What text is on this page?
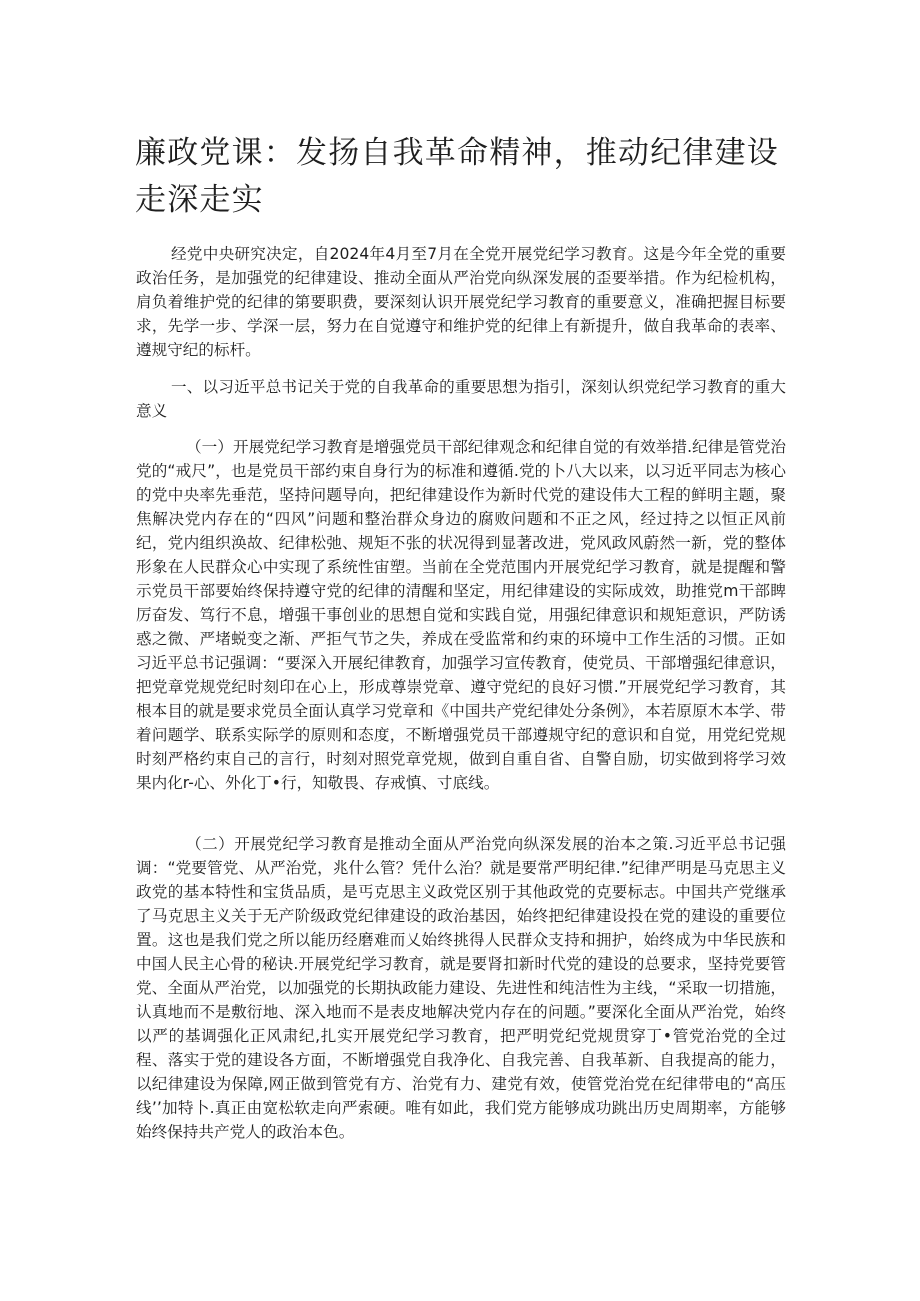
廉政党课：发扬自我革命精神，推动纪律建设走深走实

经党中央研究决定，自2024年4月至7月在全党开展党纪学习教育。这是今年全党的重要政治任务，是加强党的纪律建设、推动全面从严治党向纵深发展的歪要举措。作为纪检机构，肩负着维护党的纪律的第要职费，要深刻认识开展党纪学习教育的重要意义，准确把握目标要求，先学一步、学深一层，努力在自觉遵守和维护党的纪律上有新提升，做自我革命的表率、遵规守纪的标杆。

一、以习近平总书记关于党的自我革命的重要思想为指引，深刻认织党纪学习教育的重大意义

（一）开展党纪学习教育是增强党员干部纪律观念和纪律自觉的有效举措.纪律是管党治党的“戒尺”，也是党员干部约束自身行为的标准和遵循.党的卜八大以来，以习近平同志为核心的党中央率先垂范，坚持问题导向，把纪律建设作为新时代党的建设伟大工程的鲜明主题，聚焦解决党内存在的“四风”问题和整治群众身边的腐败问题和不正之风，经过持之以恒正风前纪，党内组织涣故、纪律松弛、规矩不张的状况得到显著改进，党风政风蔚然一新，党的整体形象在人民群众心中实现了系统性宙塑。当前在全党范围内开展党纪学习教育，就是提醒和警示党员干部要始终保持遵守党的纪律的清醒和坚定，用纪律建设的实际成效，助推党m干部睥厉奋发、笃行不息，增强干事创业的思想自觉和实践自觉，用强纪律意识和规矩意识，严防诱惑之微、严堵蜕变之渐、严拒气节之失，养成在受监常和约束的环境中工作生活的习惯。正如习近平总书记强调：“要深入开展纪律教育，加强学习宣传教育，使党员、干部增强纪律意识，把党章党规党纪时刻印在心上，形成尊崇党章、遵守党纪的良好习惯.”开展党纪学习教育，其根本目的就是要求党员全面认真学习党章和《中国共产党纪律处分条例》，本若原原木本学、带着问题学、联系实际学的原则和态度，不断增强党员干部遵规守纪的意识和自觉，用党纪党规时刻严格约束自己的言行，时刻对照党章党规，做到自重自省、自警自励，切实做到将学习效果内化r-心、外化丁•行，知敬畏、存戒慎、寸底线。

（二）开展党纪学习教育是推动全面从严治党向纵深发展的治本之策.习近平总书记强调：“党要管党、从严治党，兆什么管？凭什么治？就是要常严明纪律.”纪律严明是马克思主义政党的基本特性和宝货品质，是丐克思主义政党区别于其他政党的克要标志。中国共产党继承了马克思主义关于无产阶级政党纪律建设的政治基因，始终把纪律建设投在党的建设的重要位置。这也是我们党之所以能历经磨难而乂始终挑得人民群众支持和拥护，始终成为中华民族和中国人民主心骨的秘诀.开展党纪学习教育，就是要肾扣新时代党的建设的总要求，坚持党要管党、全面从严治党，以加强党的长期执政能力建设、先进性和纯洁性为主线，“采取一切措施，认真地而不是敷衍地、深入地而不是表皮地解决党内存在的问题。”要深化全面从严治党，始终以严的基调强化正风肃纪,扎实开展党纪学习教育，把严明党纪党规贯穿丁•管党治党的全过程、落实于党的建设各方面，不断增强党自我净化、自我完善、自我革新、自我提高的能力，以纪律建设为保障,网正做到管党有方、治党有力、建党有效，使管党治党在纪律带电的“高压线’’加特卜.真正由宽松软走向严索硬。唯有如此，我们党方能够成功跳出历史周期率，方能够始终保持共产党人的政治本色。
